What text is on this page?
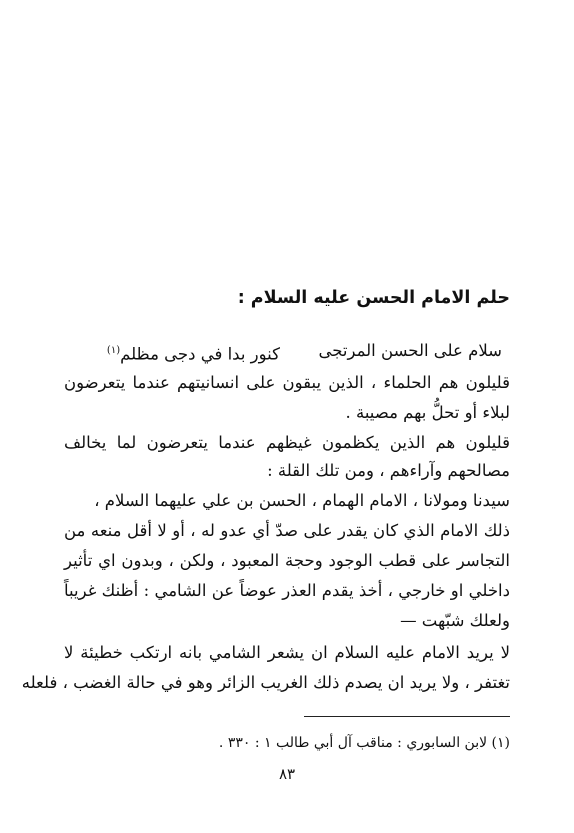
حلم الامام الحسن عليه السلام :
سلام على الحسن المرتجى
كنور بدا في دجى مظلم$^{(١)}$
قليلون هم الحلماء ، الذين يبقون على انسانيتهم عندما يتعرضون
لبلاء أو تحلُّ بهم مصيبة .
قليلون هم الذين يكظمون غيظهم عندما يتعرضون لما يخالف
مصالحهم وآراءهم ، ومن تلك القلة :
سيدنا ومولانا ، الامام الهمام ، الحسن بن علي عليهما السلام ،
ذلك الامام الذي كان يقدر على صدّ أي عدو له ، أو لا أقل منعه من
التجاسر على قطب الوجود وحجة المعبود ، ولكن ، وبدون اي تأثير
داخلي او خارجي ، أخذ يقدم العذر عوضاً عن الشامي : أظنك غريباً
ولعلك شبّهت —
لا يريد الامام عليه السلام ان يشعر الشامي بانه ارتكب خطيئة لا
تغتفر ، ولا يريد ان يصدم ذلك الغريب الزائر وهو في حالة الغضب ، فلعله
(١) لابن السابوري : مناقب آل أبي طالب ١ : ٣٣٠ .
٨٣
